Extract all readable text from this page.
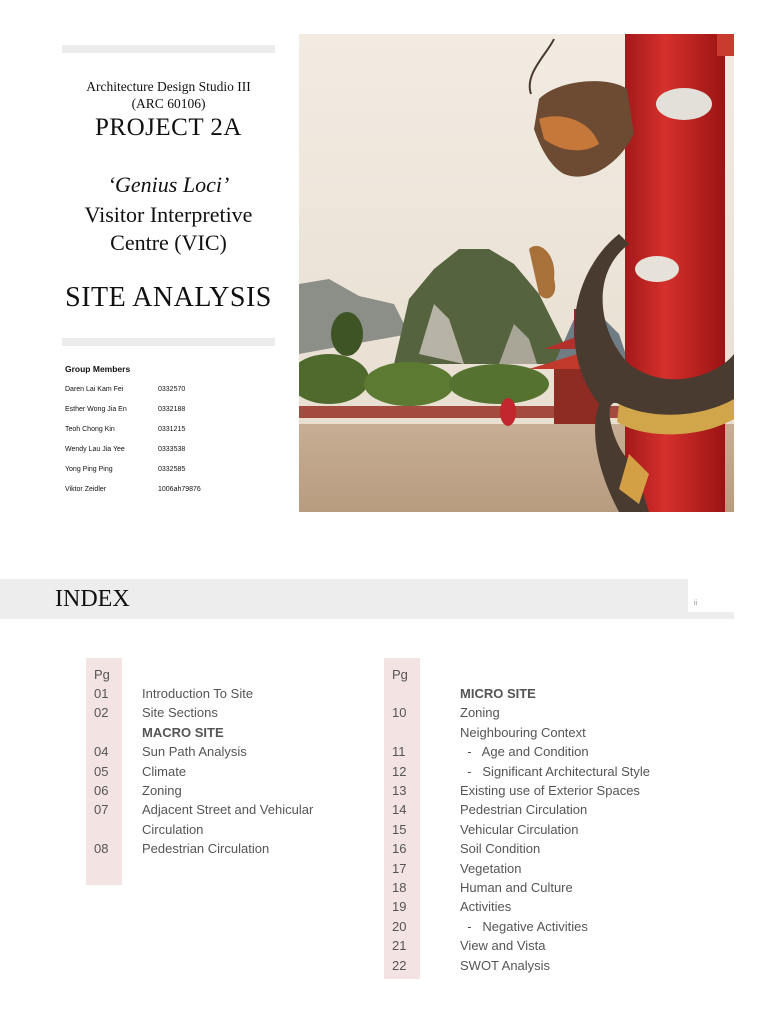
Architecture Design Studio III
(ARC 60106)
PROJECT 2A
‘Genius Loci’
Visitor Interpretive
Centre (VIC)
SITE ANALYSIS
Group Members
Daren Lai Kam Fei	0332570
Esther Wong Jia En	0332188
Teoh Chong Kin	0331215
Wendy Lau Jia Yee	0333538
Yong Ping Ping	0332585
Viktor Zeidler	1006ah79876
INDEX	ii
Pg	Pg
01	Introduction To Site
02	Site Sections
MACRO SITE
04	Sun Path Analysis
05	Climate
06	Zoning
07	Adjacent Street and Vehicular
Circulation
08	Pedestrian Circulation
MICRO SITE
10	Zoning
Neighbouring Context
11	-   Age and Condition
12	-   Significant Architectural Style
13	Existing use of Exterior Spaces
14	Pedestrian Circulation
15	Vehicular Circulation
16	Soil Condition
17	Vegetation
18	Human and Culture
19	Activities
20	-   Negative Activities
21	View and Vista
22	SWOT Analysis
